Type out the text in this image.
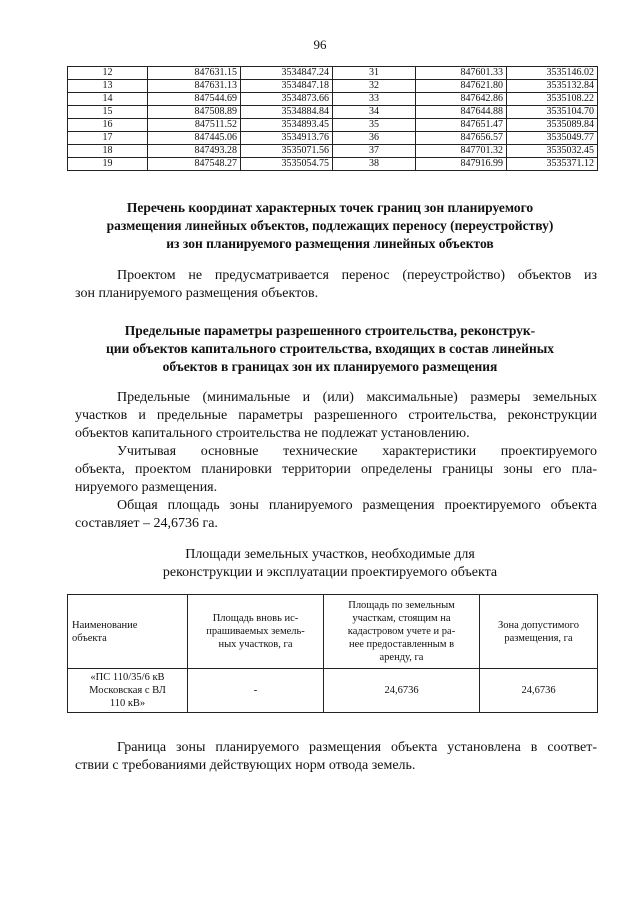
96
12	847631.15	3534847.24	31	847601.33	3535146.02
13	847631.13	3534847.18	32	847621.80	3535132.84
14	847544.69	3534873.66	33	847642.86	3535108.22
15	847508.89	3534884.84	34	847644.88	3535104.70
16	847511.52	3534893.45	35	847651.47	3535089.84
17	847445.06	3534913.76	36	847656.57	3535049.77
18	847493.28	3535071.56	37	847701.32	3535032.45
19	847548.27	3535054.75	38	847916.99	3535371.12
Перечень координат характерных точек границ зон планируемого
размещения линейных объектов, подлежащих переносу (переустройству)
из зон планируемого размещения линейных объектов
Проектом не предусматривается перенос (переустройство) объектов из
зон планируемого размещения объектов.
Предельные параметры разрешенного строительства, реконструк-
ции объектов капитального строительства, входящих в состав линейных
объектов в границах зон их планируемого размещения
Предельные (минимальные и (или) максимальные) размеры земельных
участков и предельные параметры разрешенного строительства, реконструкции
объектов капитального строительства не подлежат установлению.
Учитывая основные технические характеристики проектируемого
объекта, проектом планировки территории определены границы зоны его пла-
нируемого размещения.
Общая площадь зоны планируемого размещения проектируемого объекта
составляет – 24,6736 га.
Площади земельных участков, необходимые для
реконструкции и эксплуатации проектируемого объекта
Наименование
объекта	Площадь вновь ис-
прашиваемых земель-
ных участков, га	Площадь по земельным
участкам, стоящим на
кадастровом учете и ра-
нее предоставленным в
аренду, га	Зона допустимого
размещения, га

«ПС 110/35/6 кВ
Московская с ВЛ
110 кВ»	-	24,6736	24,6736
Граница зоны планируемого размещения объекта установлена в соответ-
ствии с требованиями действующих норм отвода земель.
